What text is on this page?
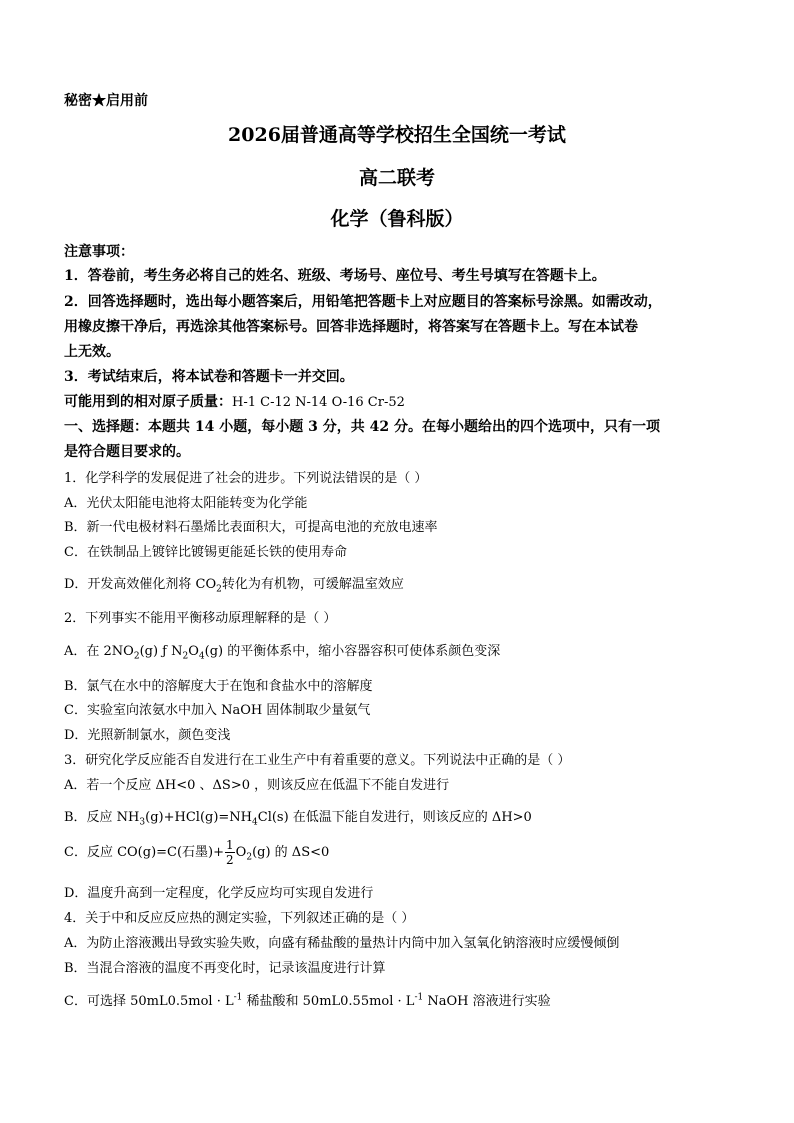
秘密★启用前
2026届普通高等学校招生全国统一考试
高二联考
化学（鲁科版）
注意事项：
1．答卷前，考生务必将自己的姓名、班级、考场号、座位号、考生号填写在答题卡上。
2．回答选择题时，选出每小题答案后，用铅笔把答题卡上对应题目的答案标号涂黑。如需改动，
用橡皮擦干净后，再选涂其他答案标号。回答非选择题时，将答案写在答题卡上。写在本试卷
上无效。
3．考试结束后，将本试卷和答题卡一并交回。
可能用到的相对原子质量：H-1 C-12 N-14 O-16 Cr-52
一、选择题：本题共 14 小题，每小题 3 分，共 42 分。在每小题给出的四个选项中，只有一项
是符合题目要求的。
1．化学科学的发展促进了社会的进步。下列说法错误的是（ ）
A．光伏太阳能电池将太阳能转变为化学能
B．新一代电极材料石墨烯比表面积大，可提高电池的充放电速率
C．在铁制品上镀锌比镀锡更能延长铁的使用寿命
D．开发高效催化剂将 $CO_2$转化为有机物，可缓解温室效应
2．下列事实不能用平衡移动原理解释的是（ ）
A．在 $2NO_2(g)$ ƒ $N_2O_4(g)$ 的平衡体系中，缩小容器容积可使体系颜色变深
B．氯气在水中的溶解度大于在饱和食盐水中的溶解度
C．实验室向浓氨水中加入 NaOH 固体制取少量氨气
D．光照新制氯水，颜色变浅
3．研究化学反应能否自发进行在工业生产中有着重要的意义。下列说法中正确的是（ ）
A．若一个反应 ΔH<0 、ΔS>0 ，则该反应在低温下不能自发进行
B．反应 $NH_3(g)+HCl(g)=NH_4Cl(s)$ 在低温下能自发进行，则该反应的 ΔH>0
C．反应 CO(g)=C(石墨)+ $\frac{1}{2} O_2(g)$ 的 ΔS<0
D．温度升高到一定程度，化学反应均可实现自发进行
4．关于中和反应反应热的测定实验，下列叙述正确的是（ ）
A．为防止溶液溅出导致实验失败，向盛有稀盐酸的量热计内筒中加入氢氧化钠溶液时应缓慢倾倒
B．当混合溶液的温度不再变化时，记录该温度进行计算
C．可选择 $50mL0.5mol \cdot L^{-1}$ 稀盐酸和 $50mL0.55mol \cdot L^{-1}$ NaOH 溶液进行实验
